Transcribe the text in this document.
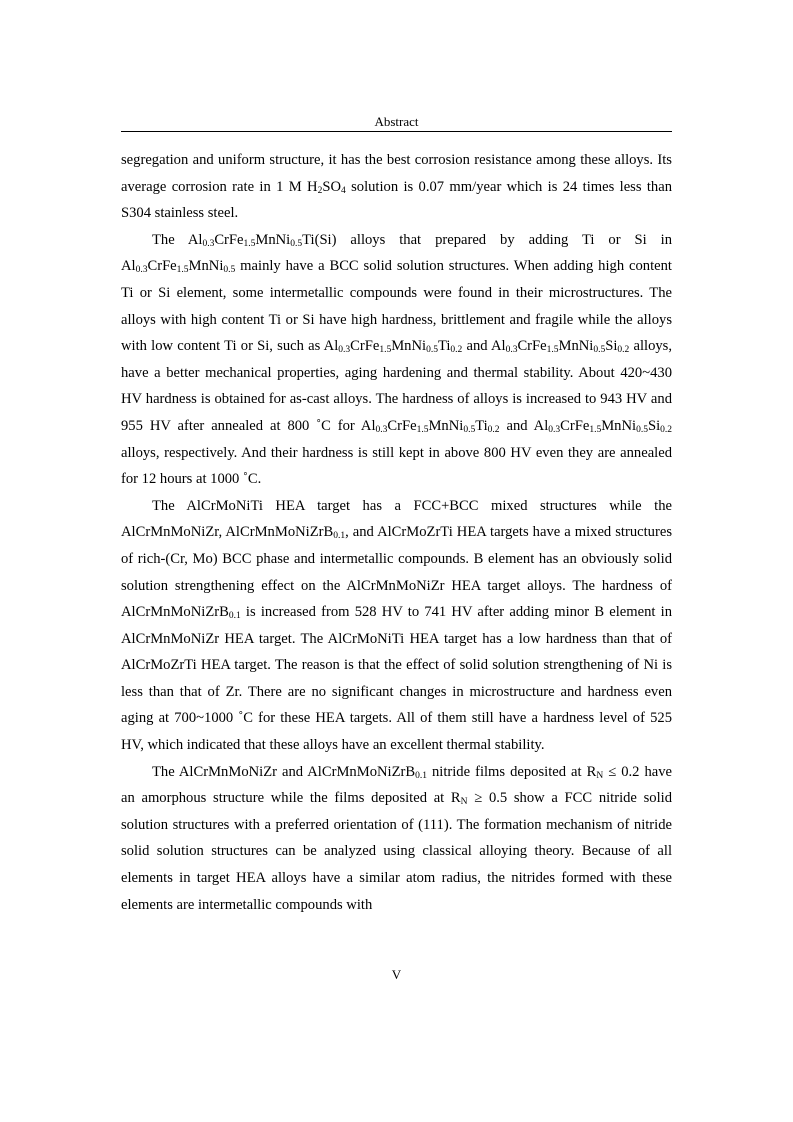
Abstract

segregation and uniform structure, it has the best corrosion resistance among these alloys. Its average corrosion rate in 1 M $H_2SO_4$ solution is 0.07 mm/year which is 24 times less than S304 stainless steel.

The $Al_{0.3}CrFe_{1.5}MnNi_{0.5}Ti(Si)$ alloys that prepared by adding Ti or Si in $Al_{0.3}CrFe_{1.5}MnNi_{0.5}$ mainly have a BCC solid solution structures. When adding high content Ti or Si element, some intermetallic compounds were found in their microstructures. The alloys with high content Ti or Si have high hardness, brittlement and fragile while the alloys with low content Ti or Si, such as $Al_{0.3}CrFe_{1.5}MnNi_{0.5}Ti_{0.2}$ and $Al_{0.3}CrFe_{1.5}MnNi_{0.5}Si_{0.2}$ alloys, have a better mechanical properties, aging hardening and thermal stability. About 420~430 HV hardness is obtained for as-cast alloys. The hardness of alloys is increased to 943 HV and 955 HV after annealed at 800 ˚C for $Al_{0.3}CrFe_{1.5}MnNi_{0.5}Ti_{0.2}$ and $Al_{0.3}CrFe_{1.5}MnNi_{0.5}Si_{0.2}$ alloys, respectively. And their hardness is still kept in above 800 HV even they are annealed for 12 hours at 1000 ˚C.

The AlCrMoNiTi HEA target has a FCC+BCC mixed structures while the AlCrMnMoNiZr, AlCrMnMoNiZrB$_{0.1}$, and AlCrMoZrTi HEA targets have a mixed structures of rich-(Cr, Mo) BCC phase and intermetallic compounds. B element has an obviously solid solution strengthening effect on the AlCrMnMoNiZr HEA target alloys. The hardness of AlCrMnMoNiZrB$_{0.1}$ is increased from 528 HV to 741 HV after adding minor B element in AlCrMnMoNiZr HEA target. The AlCrMoNiTi HEA target has a low hardness than that of AlCrMoZrTi HEA target. The reason is that the effect of solid solution strengthening of Ni is less than that of Zr. There are no significant changes in microstructure and hardness even aging at 700~1000 ˚C for these HEA targets. All of them still have a hardness level of 525 HV, which indicated that these alloys have an excellent thermal stability.

The AlCrMnMoNiZr and AlCrMnMoNiZrB$_{0.1}$ nitride films deposited at $R_N \le 0.2$ have an amorphous structure while the films deposited at $R_N \ge 0.5$ show a FCC nitride solid solution structures with a preferred orientation of (111). The formation mechanism of nitride solid solution structures can be analyzed using classical alloying theory. Because of all elements in target HEA alloys have a similar atom radius, the nitrides formed with these elements are intermetallic compounds with

V
